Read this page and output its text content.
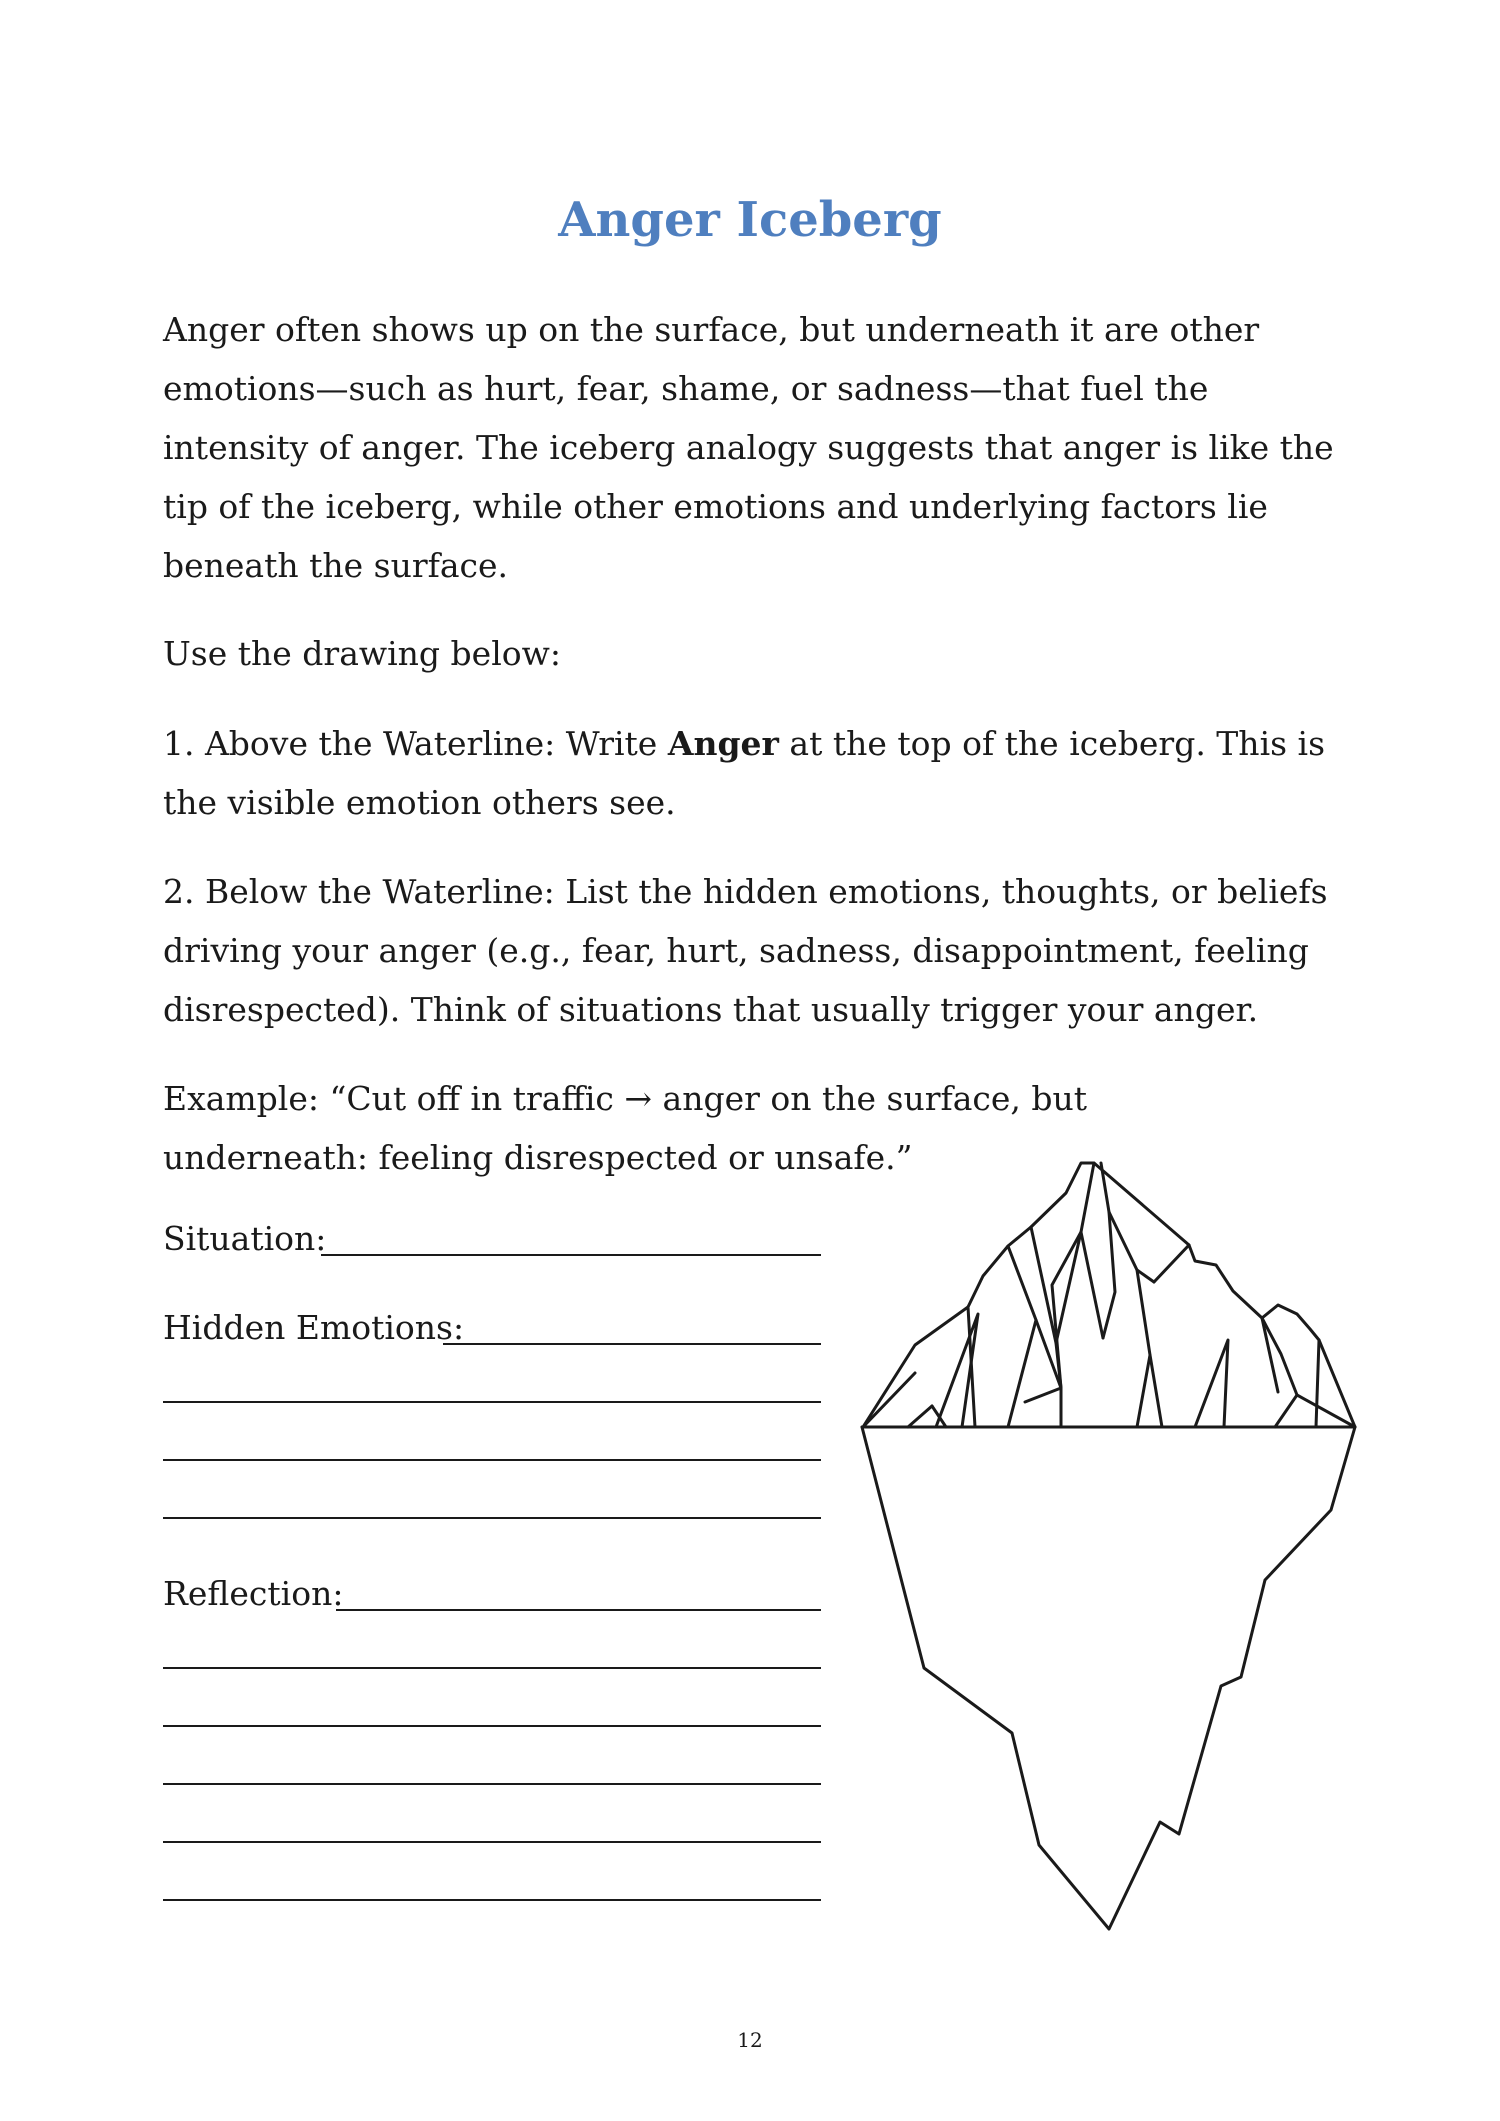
Anger Iceberg

Anger often shows up on the surface, but underneath it are other emotions—such as hurt, fear, shame, or sadness—that fuel the intensity of anger. The iceberg analogy suggests that anger is like the tip of the iceberg, while other emotions and underlying factors lie beneath the surface.

Use the drawing below:

1. Above the Waterline: Write Anger at the top of the iceberg. This is the visible emotion others see.

2. Below the Waterline: List the hidden emotions, thoughts, or beliefs driving your anger (e.g., fear, hurt, sadness, disappointment, feeling disrespected). Think of situations that usually trigger your anger.

Example: “Cut off in traffic → anger on the surface, but underneath: feeling disrespected or unsafe.”

Situation:

Hidden Emotions:

Reflection:

12
